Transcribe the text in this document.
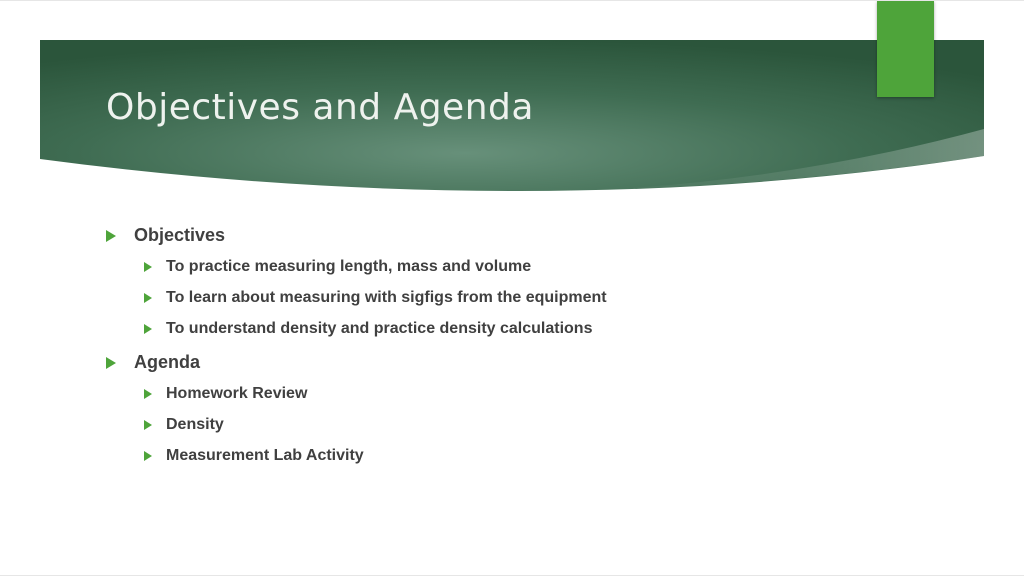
Objectives and Agenda
Objectives
To practice measuring length, mass and volume
To learn about measuring with sigfigs from the equipment
To understand density and practice density calculations
Agenda
Homework Review
Density
Measurement Lab Activity
